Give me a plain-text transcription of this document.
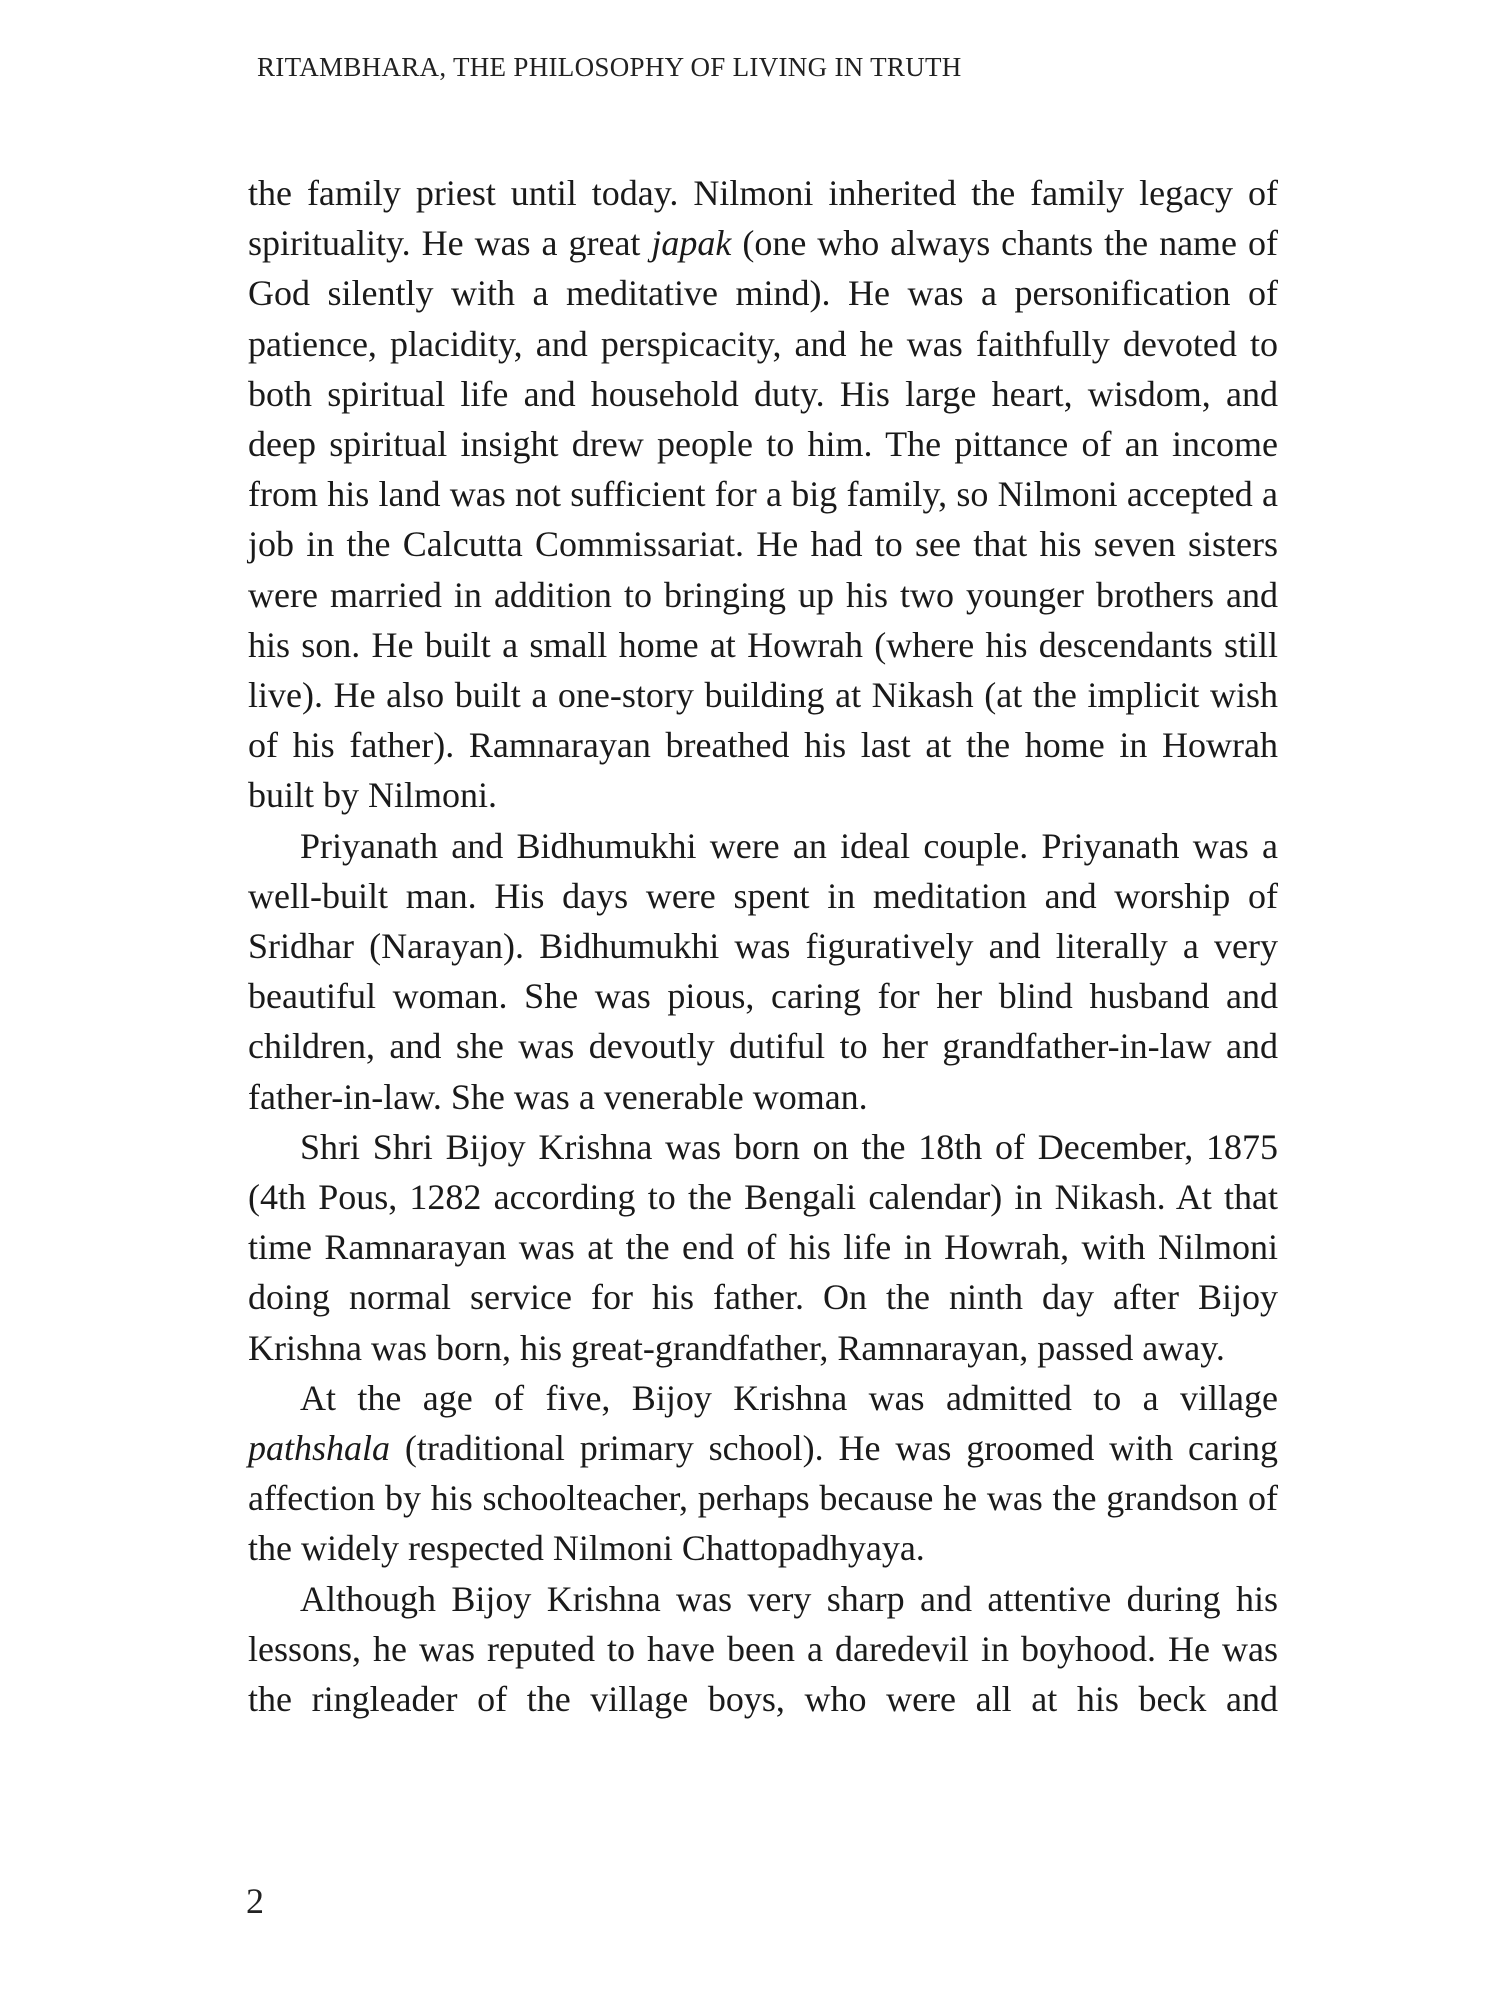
RITAMBHARA, THE PHILOSOPHY OF LIVING IN TRUTH

the family priest until today. Nilmoni inherited the family legacy of spirituality. He was a great japak (one who always chants the name of God silently with a meditative mind). He was a personification of patience, placidity, and perspicacity, and he was faithfully devoted to both spiritual life and household duty. His large heart, wisdom, and deep spiritual insight drew people to him. The pittance of an income from his land was not sufficient for a big family, so Nilmoni accepted a job in the Calcutta Commissariat. He had to see that his seven sisters were married in addition to bringing up his two younger brothers and his son. He built a small home at Howrah (where his descendants still live). He also built a one-story building at Nikash (at the implicit wish of his father). Ramnarayan breathed his last at the home in Howrah built by Nilmoni.

Priyanath and Bidhumukhi were an ideal couple. Priyanath was a well-built man. His days were spent in meditation and worship of Sridhar (Narayan). Bidhumukhi was figuratively and literally a very beautiful woman. She was pious, caring for her blind husband and children, and she was devoutly dutiful to her grandfather-in-law and father-in-law. She was a venerable woman.

Shri Shri Bijoy Krishna was born on the 18th of December, 1875 (4th Pous, 1282 according to the Bengali calendar) in Nikash. At that time Ramnarayan was at the end of his life in Howrah, with Nilmoni doing normal service for his father. On the ninth day after Bijoy Krishna was born, his great-grandfather, Ramnarayan, passed away.

At the age of five, Bijoy Krishna was admitted to a village pathshala (traditional primary school). He was groomed with caring affection by his schoolteacher, perhaps because he was the grandson of the widely respected Nilmoni Chattopadhyaya.

Although Bijoy Krishna was very sharp and attentive during his lessons, he was reputed to have been a daredevil in boyhood. He was the ringleader of the village boys, who were all at his beck and

2
